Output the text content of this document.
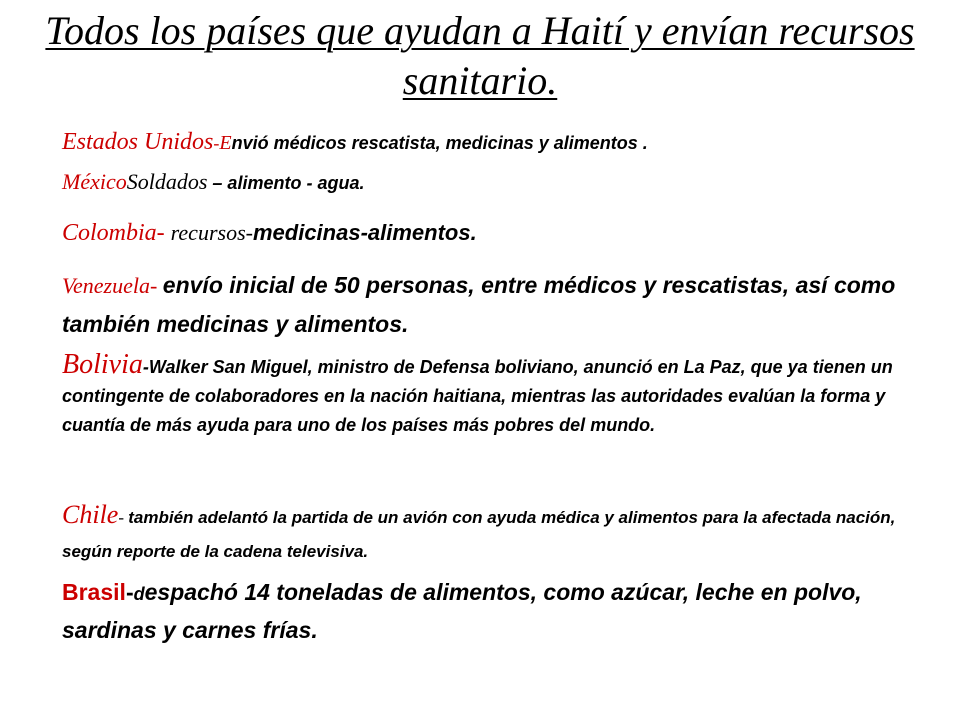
Todos los países que ayudan a Haití y envían recursos sanitario.

Estados Unidos-Envió médicos rescatista, medicinas y alimentos .

MéxicoSoldados – alimento - agua.

Colombia- recursos-medicinas-alimentos.

Venezuela- envío inicial de 50 personas, entre médicos y rescatistas, así como también medicinas y alimentos.

Bolivia-Walker San Miguel, ministro de Defensa boliviano, anunció en La Paz, que ya tienen un contingente de colaboradores en la nación haitiana, mientras las autoridades evalúan la forma y cuantía de más ayuda para uno de los países más pobres del mundo.

Chile- también adelantó la partida de un avión con ayuda médica y alimentos para la afectada nación, según reporte de la cadena televisiva.

Brasil-despachó 14 toneladas de alimentos, como azúcar, leche en polvo, sardinas y carnes frías.
